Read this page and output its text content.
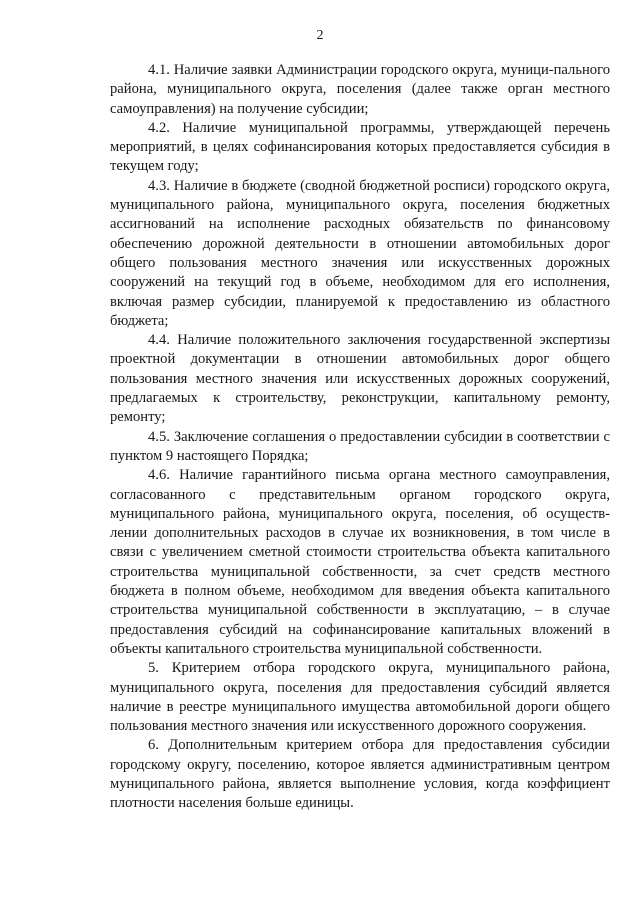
2

4.1. Наличие заявки Администрации городского округа, муници-пального района, муниципального округа, поселения (далее также орган местного самоуправления) на получение субсидии;

4.2. Наличие муниципальной программы, утверждающей перечень мероприятий, в целях софинансирования которых предоставляется субсидия в текущем году;

4.3. Наличие в бюджете (сводной бюджетной росписи) городского округа, муниципального района, муниципального округа, поселения бюджетных ассигнований на исполнение расходных обязательств по финансовому обеспечению дорожной деятельности в отношении автомобильных дорог общего пользования местного значения или искусственных дорожных сооружений на текущий год в объеме, необходимом для его исполнения, включая размер субсидии, планируемой к предоставлению из областного бюджета;

4.4. Наличие положительного заключения государственной экспертизы проектной документации в отношении автомобильных дорог общего пользования местного значения или искусственных дорожных сооружений, предлагаемых к строительству, реконструкции, капитальному ремонту, ремонту;

4.5. Заключение соглашения о предоставлении субсидии в соответствии с пунктом 9 настоящего Порядка;

4.6. Наличие гарантийного письма органа местного самоуправления, согласованного с представительным органом городского округа, муниципального района, муниципального округа, поселения, об осуществ-лении дополнительных расходов в случае их возникновения, в том числе в связи с увеличением сметной стоимости строительства объекта капитального строительства муниципальной собственности, за счет средств местного бюджета в полном объеме, необходимом для введения объекта капитального строительства муниципальной собственности в эксплуатацию, – в случае предоставления субсидий на софинансирование капитальных вложений в объекты капитального строительства муниципальной собственности.

5. Критерием отбора городского округа, муниципального района, муниципального округа, поселения для предоставления субсидий является наличие в реестре муниципального имущества автомобильной дороги общего пользования местного значения или искусственного дорожного сооружения.

6. Дополнительным критерием отбора для предоставления субсидии городскому округу, поселению, которое является административным центром муниципального района, является выполнение условия, когда коэффициент плотности населения больше единицы.
